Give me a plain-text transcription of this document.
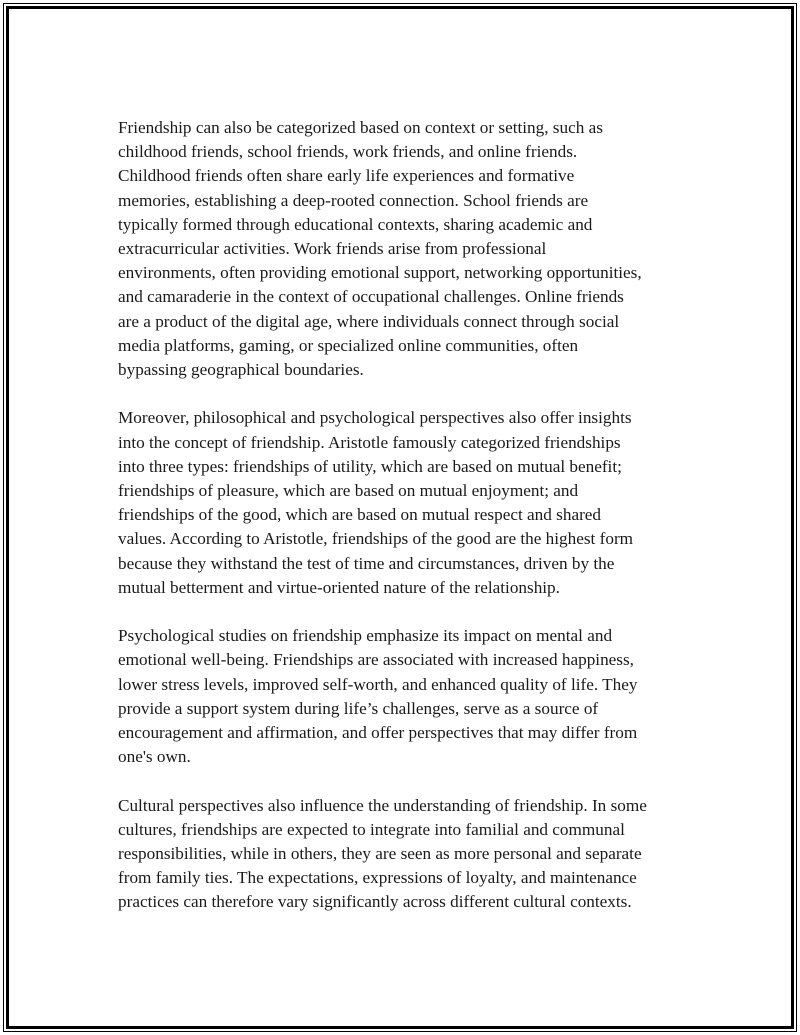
Friendship can also be categorized based on context or setting, such as
childhood friends, school friends, work friends, and online friends.
Childhood friends often share early life experiences and formative
memories, establishing a deep-rooted connection. School friends are
typically formed through educational contexts, sharing academic and
extracurricular activities. Work friends arise from professional
environments, often providing emotional support, networking opportunities,
and camaraderie in the context of occupational challenges. Online friends
are a product of the digital age, where individuals connect through social
media platforms, gaming, or specialized online communities, often
bypassing geographical boundaries.

Moreover, philosophical and psychological perspectives also offer insights
into the concept of friendship. Aristotle famously categorized friendships
into three types: friendships of utility, which are based on mutual benefit;
friendships of pleasure, which are based on mutual enjoyment; and
friendships of the good, which are based on mutual respect and shared
values. According to Aristotle, friendships of the good are the highest form
because they withstand the test of time and circumstances, driven by the
mutual betterment and virtue-oriented nature of the relationship.

Psychological studies on friendship emphasize its impact on mental and
emotional well-being. Friendships are associated with increased happiness,
lower stress levels, improved self-worth, and enhanced quality of life. They
provide a support system during life’s challenges, serve as a source of
encouragement and affirmation, and offer perspectives that may differ from
one's own.

Cultural perspectives also influence the understanding of friendship. In some
cultures, friendships are expected to integrate into familial and communal
responsibilities, while in others, they are seen as more personal and separate
from family ties. The expectations, expressions of loyalty, and maintenance
practices can therefore vary significantly across different cultural contexts.
